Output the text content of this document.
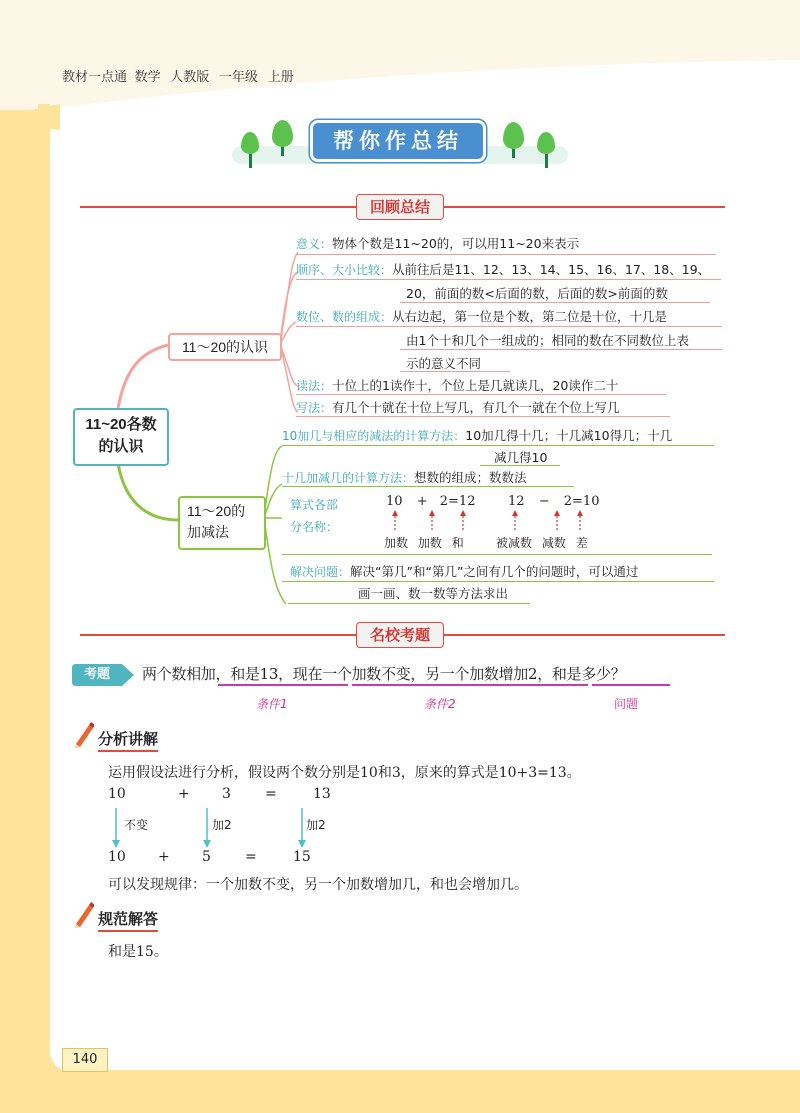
教材一点通 数学 人教版 一年级 上册
帮你作总结
回顾总结
11~20各数的认识
11～20的认识
11～20的加减法
意义：物体个数是11~20的，可以用11~20来表示
顺序、大小比较：从前往后是11、12、13、14、15、16、17、18、19、
20，前面的数<后面的数，后面的数>前面的数
数位、数的组成：从右边起，第一位是个数，第二位是十位，十几是
由1个十和几个一组成的；相同的数在不同数位上表
示的意义不同
读法：十位上的1读作十，个位上是几就读几，20读作二十
写法：有几个十就在十位上写几，有几个一就在个位上写几
10加几与相应的减法的计算方法：10加几得十几；十几减10得几；十几
减几得10
十几加减几的计算方法：想数的组成；数数法
算式各部
分名称：
10 + 2=12	12 − 2=10
加数 加数 和	被减数 减数 差
解决问题：解决“第几”和“第几”之间有几个的问题时，可以通过
画一画、数一数等方法求出
名校考题
考题	两个数相加，和是13，现在一个加数不变，另一个加数增加2，和是多少？
条件1	条件2	问题
分析讲解
运用假设法进行分析，假设两个数分别是10和3，原来的算式是10+3=13。
10	+ 3 =	13
不变	加2	加2
10 + 5 =	15
可以发现规律：一个加数不变，另一个加数增加几，和也会增加几。
规范解答
和是15。
140
